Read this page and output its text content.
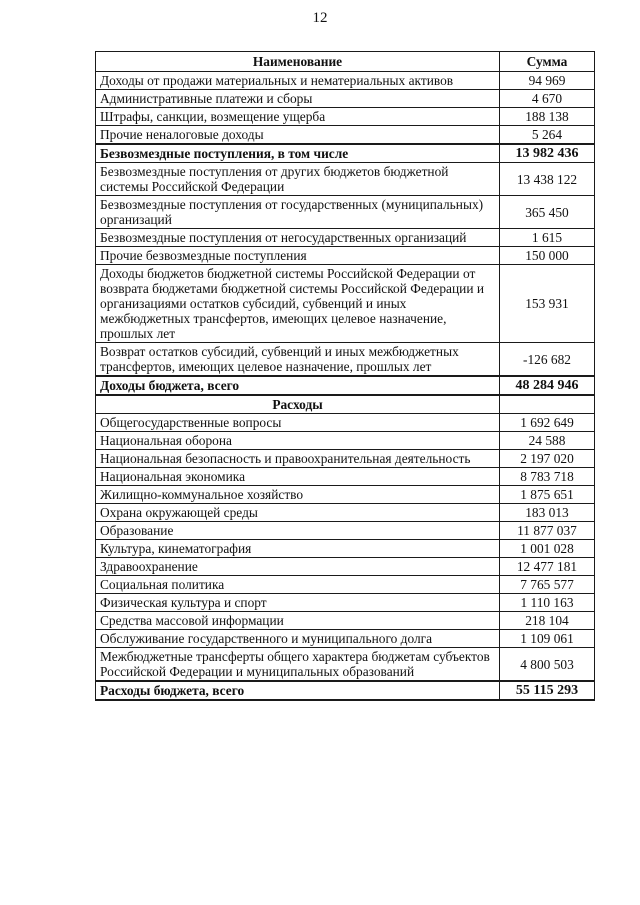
12
Наименование	Сумма
Доходы от продажи материальных и нематериальных активов	94 969
Административные платежи и сборы	4 670
Штрафы, санкции, возмещение ущерба	188 138
Прочие неналоговые доходы	5 264
Безвозмездные поступления, в том числе	13 982 436
Безвозмездные поступления от других бюджетов бюджетной системы Российской Федерации	13 438 122
Безвозмездные поступления от государственных (муниципальных) организаций	365 450
Безвозмездные поступления от негосударственных организаций	1 615
Прочие безвозмездные поступления	150 000
Доходы бюджетов бюджетной системы Российской Федерации от возврата бюджетами бюджетной системы Российской Федерации и организациями остатков субсидий, субвенций и иных межбюджетных трансфертов, имеющих целевое назначение, прошлых лет	153 931
Возврат остатков субсидий, субвенций и иных межбюджетных трансфертов, имеющих целевое назначение, прошлых лет	-126 682
Доходы бюджета, всего	48 284 946
Расходы	
Общегосударственные вопросы	1 692 649
Национальная оборона	24 588
Национальная безопасность и правоохранительная деятельность	2 197 020
Национальная экономика	8 783 718
Жилищно-коммунальное хозяйство	1 875 651
Охрана окружающей среды	183 013
Образование	11 877 037
Культура, кинематография	1 001 028
Здравоохранение	12 477 181
Социальная политика	7 765 577
Физическая культура и спорт	1 110 163
Средства массовой информации	218 104
Обслуживание государственного и муниципального долга	1 109 061
Межбюджетные трансферты общего характера бюджетам субъектов Российской Федерации и муниципальных образований	4 800 503
Расходы бюджета, всего	55 115 293
